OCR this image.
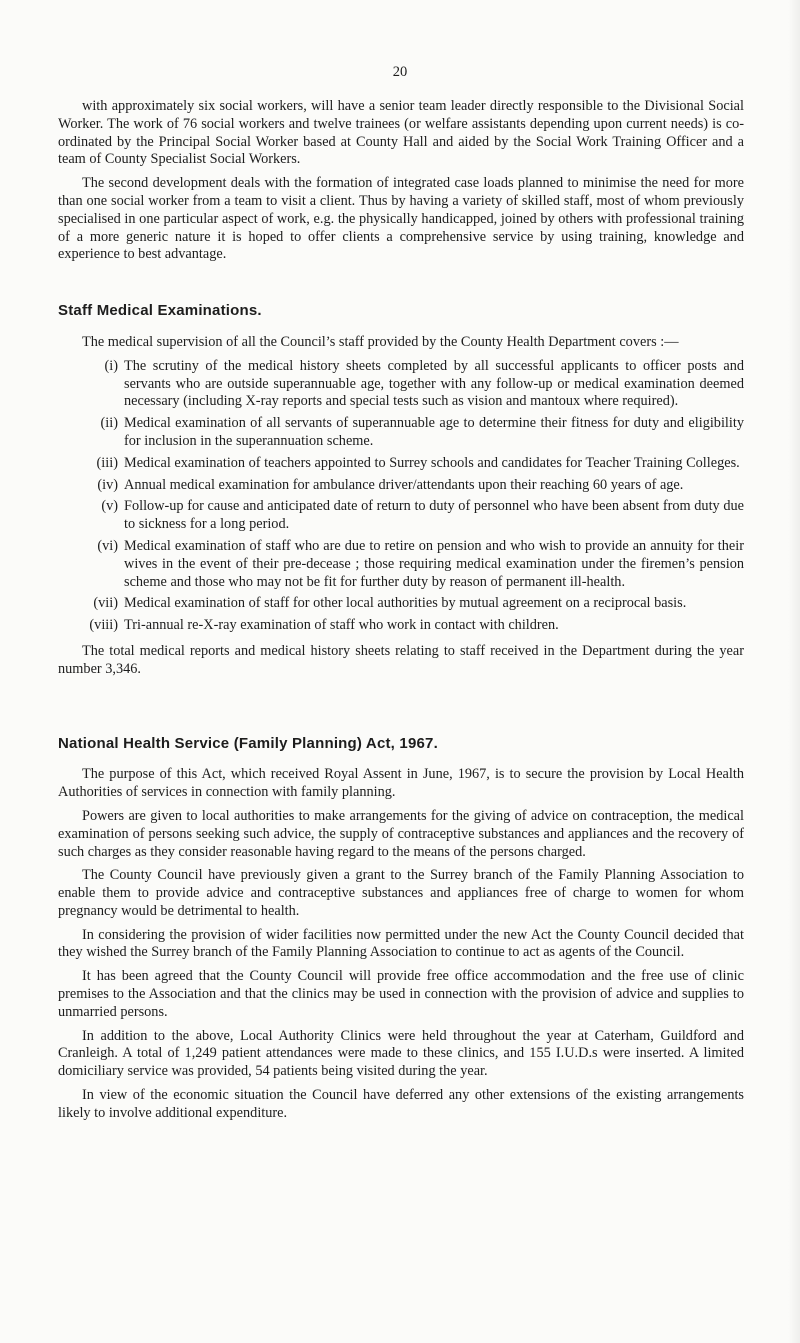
20

with approximately six social workers, will have a senior team leader directly responsible to the Divisional Social Worker. The work of 76 social workers and twelve trainees (or welfare assistants depending upon current needs) is co-ordinated by the Principal Social Worker based at County Hall and aided by the Social Work Training Officer and a team of County Specialist Social Workers.

The second development deals with the formation of integrated case loads planned to minimise the need for more than one social worker from a team to visit a client. Thus by having a variety of skilled staff, most of whom previously specialised in one particular aspect of work, e.g. the physically handicapped, joined by others with professional training of a more generic nature it is hoped to offer clients a comprehensive service by using training, knowledge and experience to best advantage.

Staff Medical Examinations.

The medical supervision of all the Council’s staff provided by the County Health Department covers :—

(i) The scrutiny of the medical history sheets completed by all successful applicants to officer posts and servants who are outside superannuable age, together with any follow-up or medical examination deemed necessary (including X-ray reports and special tests such as vision and mantoux where required).
(ii) Medical examination of all servants of superannuable age to determine their fitness for duty and eligibility for inclusion in the superannuation scheme.
(iii) Medical examination of teachers appointed to Surrey schools and candidates for Teacher Training Colleges.
(iv) Annual medical examination for ambulance driver/attendants upon their reaching 60 years of age.
(v) Follow-up for cause and anticipated date of return to duty of personnel who have been absent from duty due to sickness for a long period.
(vi) Medical examination of staff who are due to retire on pension and who wish to provide an annuity for their wives in the event of their pre-decease ; those requiring medical examination under the firemen’s pension scheme and those who may not be fit for further duty by reason of permanent ill-health.
(vii) Medical examination of staff for other local authorities by mutual agreement on a reciprocal basis.
(viii) Tri-annual re-X-ray examination of staff who work in contact with children.

The total medical reports and medical history sheets relating to staff received in the Department during the year number 3,346.

National Health Service (Family Planning) Act, 1967.

The purpose of this Act, which received Royal Assent in June, 1967, is to secure the provision by Local Health Authorities of services in connection with family planning.

Powers are given to local authorities to make arrangements for the giving of advice on contraception, the medical examination of persons seeking such advice, the supply of contraceptive substances and appliances and the recovery of such charges as they consider reasonable having regard to the means of the persons charged.

The County Council have previously given a grant to the Surrey branch of the Family Planning Association to enable them to provide advice and contraceptive substances and appliances free of charge to women for whom pregnancy would be detrimental to health.

In considering the provision of wider facilities now permitted under the new Act the County Council decided that they wished the Surrey branch of the Family Planning Association to continue to act as agents of the Council.

It has been agreed that the County Council will provide free office accommodation and the free use of clinic premises to the Association and that the clinics may be used in connection with the provision of advice and supplies to unmarried persons.

In addition to the above, Local Authority Clinics were held throughout the year at Caterham, Guildford and Cranleigh. A total of 1,249 patient attendances were made to these clinics, and 155 I.U.D.s were inserted. A limited domiciliary service was provided, 54 patients being visited during the year.

In view of the economic situation the Council have deferred any other extensions of the existing arrangements likely to involve additional expenditure.
